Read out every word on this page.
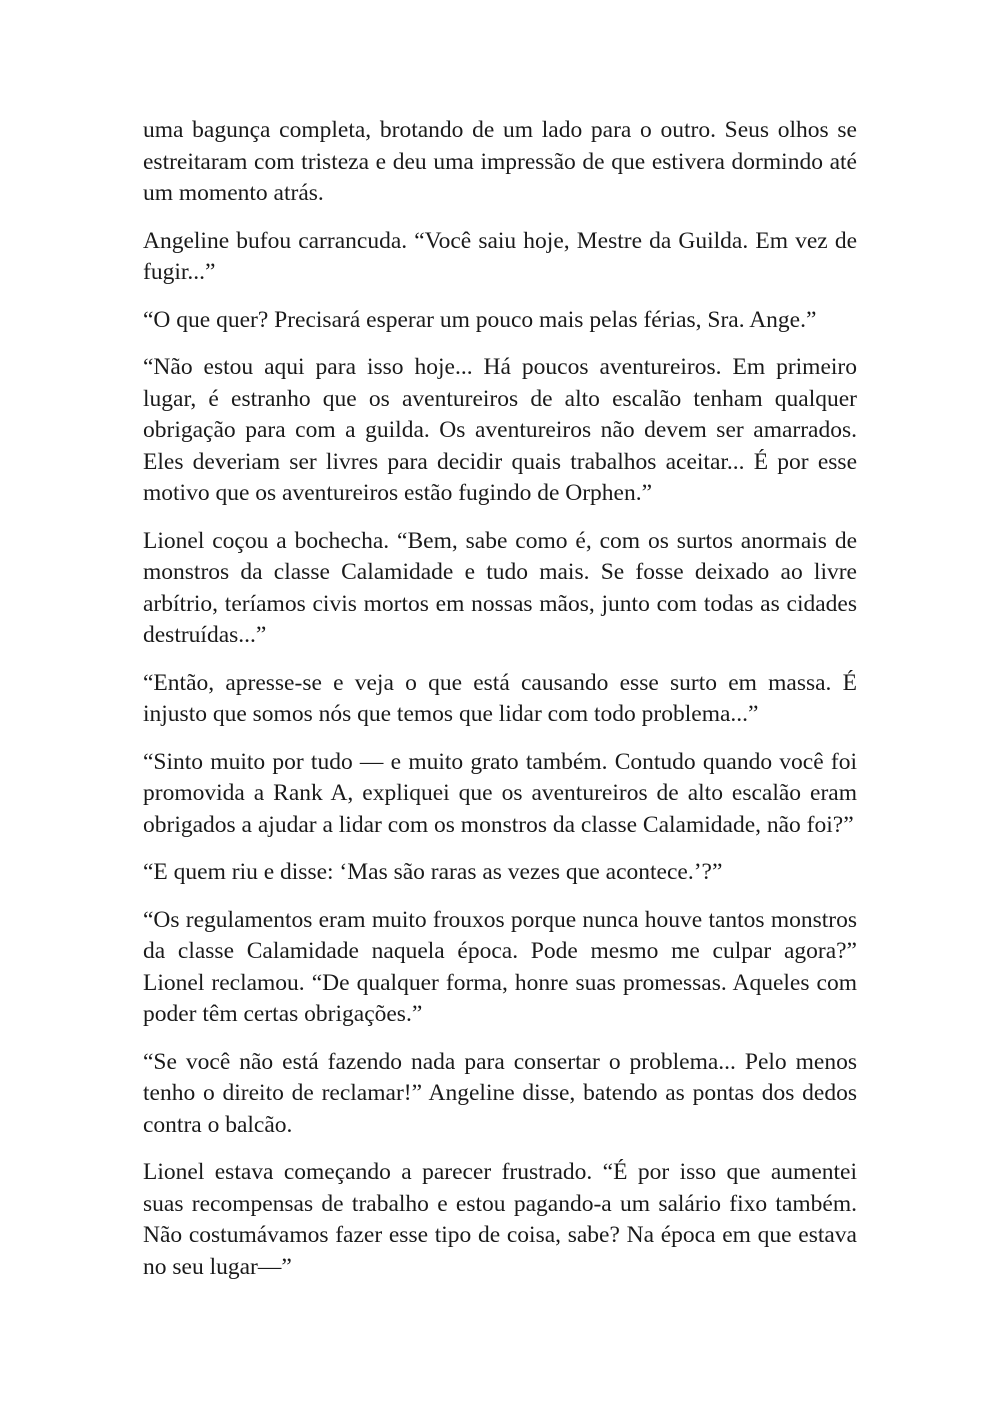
uma bagunça completa, brotando de um lado para o outro. Seus olhos se estreitaram com tristeza e deu uma impressão de que estivera dormindo até um momento atrás.

Angeline bufou carrancuda. “Você saiu hoje, Mestre da Guilda. Em vez de fugir...”

“O que quer? Precisará esperar um pouco mais pelas férias, Sra. Ange.”

“Não estou aqui para isso hoje... Há poucos aventureiros. Em primeiro lugar, é estranho que os aventureiros de alto escalão tenham qualquer obrigação para com a guilda. Os aventureiros não devem ser amarrados. Eles deveriam ser livres para decidir quais trabalhos aceitar... É por esse motivo que os aventureiros estão fugindo de Orphen.”

Lionel coçou a bochecha. “Bem, sabe como é, com os surtos anormais de monstros da classe Calamidade e tudo mais. Se fosse deixado ao livre arbítrio, teríamos civis mortos em nossas mãos, junto com todas as cidades destruídas...”

“Então, apresse-se e veja o que está causando esse surto em massa. É injusto que somos nós que temos que lidar com todo problema...”

“Sinto muito por tudo — e muito grato também. Contudo quando você foi promovida a Rank A, expliquei que os aventureiros de alto escalão eram obrigados a ajudar a lidar com os monstros da classe Calamidade, não foi?”

“E quem riu e disse: ‘Mas são raras as vezes que acontece.’?”

“Os regulamentos eram muito frouxos porque nunca houve tantos monstros da classe Calamidade naquela época. Pode mesmo me culpar agora?” Lionel reclamou. “De qualquer forma, honre suas promessas. Aqueles com poder têm certas obrigações.”

“Se você não está fazendo nada para consertar o problema... Pelo menos tenho o direito de reclamar!” Angeline disse, batendo as pontas dos dedos contra o balcão.

Lionel estava começando a parecer frustrado. “É por isso que aumentei suas recompensas de trabalho e estou pagando-a um salário fixo também. Não costumávamos fazer esse tipo de coisa, sabe? Na época em que estava no seu lugar—”
